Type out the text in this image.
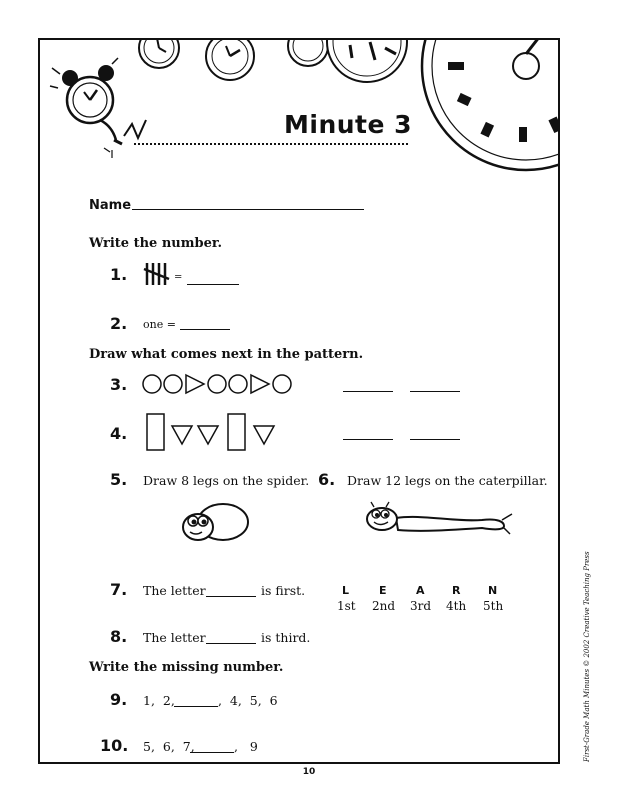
Minute 3
Name
Write the number.
1.	=
2. one =
Draw what comes next in the pattern.
3.
4.
5. Draw 8 legs on the spider. 6. Draw 12 legs on the caterpillar.
7. The letter	is first.	L	E	A R	N
1st 2nd 3rd 4th 5th
8. The letter	is third.
Write the missing number.
9. 1,  2,	,  4,  5,  6
10. 5,  6,  7,	,   9
10
First-Grade Math Minutes © 2002 Creative Teaching Press
